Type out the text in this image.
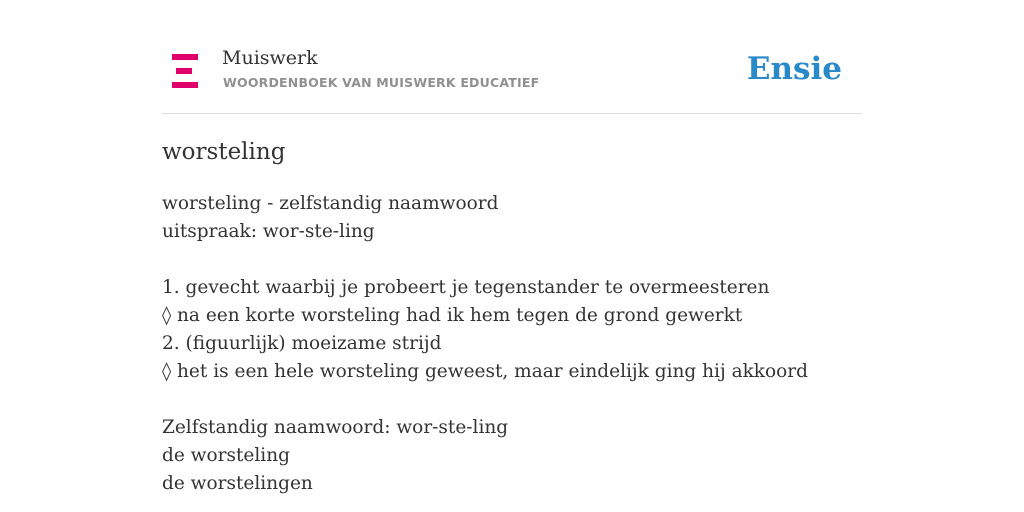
Muiswerk
WOORDENBOEK VAN MUISWERK EDUCATIEF	Ensie
worsteling
worsteling - zelfstandig naamwoord
uitspraak: wor-ste-ling
1. gevecht waarbij je probeert je tegenstander te overmeesteren
◊ na een korte worsteling had ik hem tegen de grond gewerkt
2. (figuurlijk) moeizame strijd
◊ het is een hele worsteling geweest, maar eindelijk ging hij akkoord
Zelfstandig naamwoord: wor-ste-ling
de worsteling
de worstelingen
